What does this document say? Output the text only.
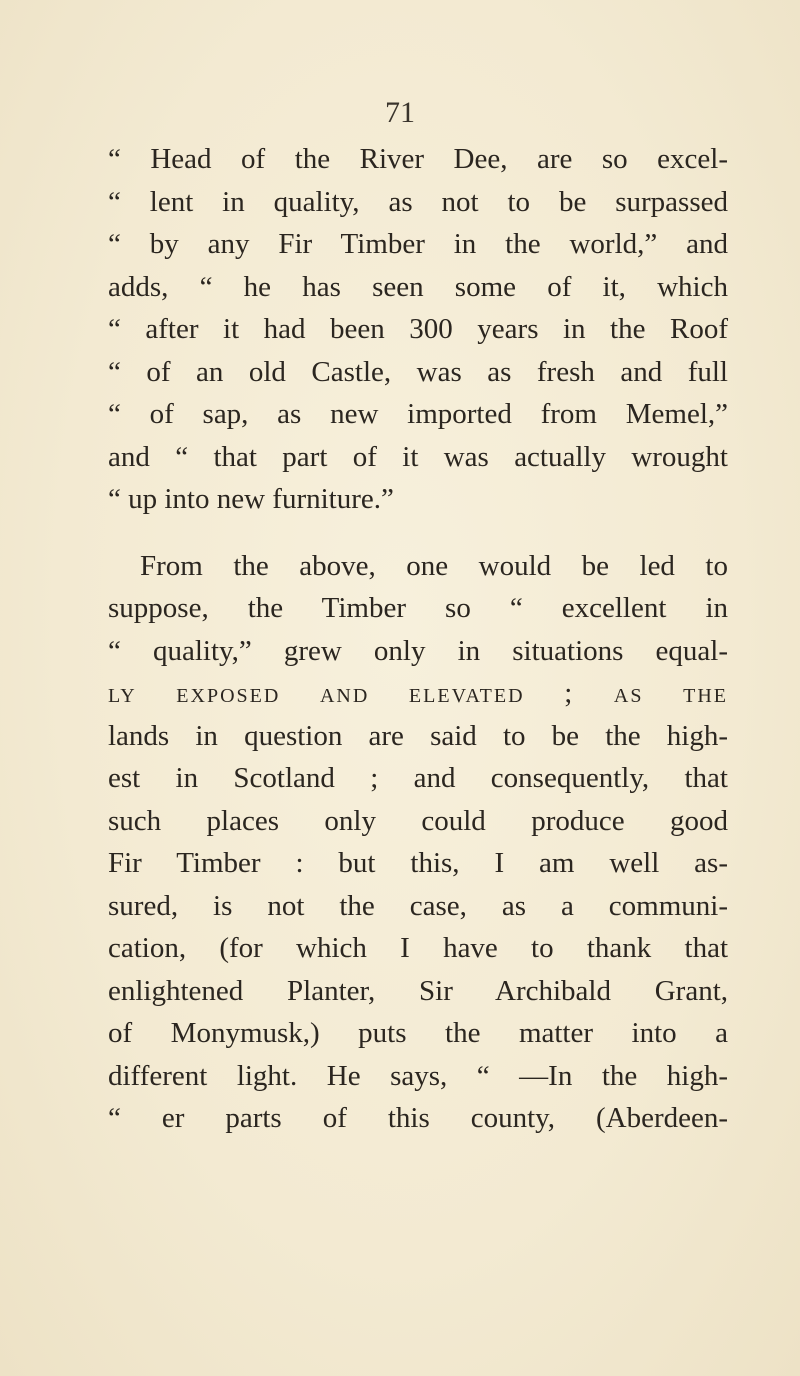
71
“ Head of the River Dee, are so excel-
“ lent in quality, as not to be surpassed
“ by any Fir Timber in the world,” and
adds, “ he has seen some of it, which
“ after it had been 300 years in the Roof
“ of an old Castle, was as fresh and full
“ of sap, as new imported from Memel,”
and “ that part of it was actually wrought
“ up into new furniture.”
From the above, one would be led to
suppose, the Timber so “ excellent in
“ quality,” grew only in situations equal-
ly exposed and elevated ; as the
lands in question are said to be the high-
est in Scotland ; and consequently, that
such places only could produce good
Fir Timber : but this, I am well as-
sured, is not the case, as a communi-
cation, (for which I have to thank that
enlightened Planter, Sir Archibald Grant,
of Monymusk,) puts the matter into a
different light. He says, “ —In the high-
“ er parts of this county, (Aberdeen-
